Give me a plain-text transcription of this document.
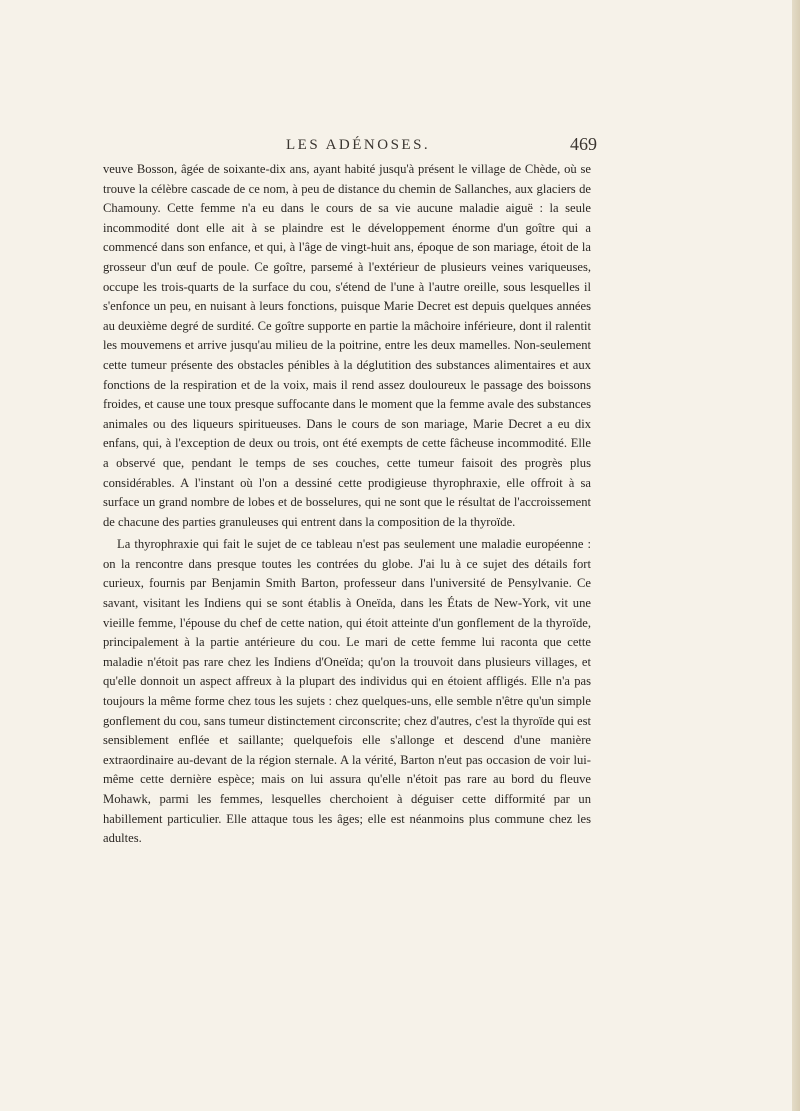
LES ADÉNOSES.	469

veuve Bosson, âgée de soixante-dix ans, ayant habité jusqu'à présent le village de Chède, où se trouve la célèbre cascade de ce nom, à peu de distance du chemin de Sallanches, aux glaciers de Chamouny. Cette femme n'a eu dans le cours de sa vie aucune maladie aiguë : la seule incommodité dont elle ait à se plaindre est le développement énorme d'un goître qui a commencé dans son enfance, et qui, à l'âge de vingt-huit ans, époque de son mariage, étoit de la grosseur d'un œuf de poule. Ce goître, parsemé à l'extérieur de plusieurs veines variqueuses, occupe les trois-quarts de la surface du cou, s'étend de l'une à l'autre oreille, sous lesquelles il s'enfonce un peu, en nuisant à leurs fonctions, puisque Marie Decret est depuis quelques années au deuxième degré de surdité. Ce goître supporte en partie la mâchoire inférieure, dont il ralentit les mouvemens et arrive jusqu'au milieu de la poitrine, entre les deux mamelles. Non-seulement cette tumeur présente des obstacles pénibles à la déglutition des substances alimentaires et aux fonctions de la respiration et de la voix, mais il rend assez douloureux le passage des boissons froides, et cause une toux presque suffocante dans le moment que la femme avale des substances animales ou des liqueurs spiritueuses. Dans le cours de son mariage, Marie Decret a eu dix enfans, qui, à l'exception de deux ou trois, ont été exempts de cette fâcheuse incommodité. Elle a observé que, pendant le temps de ses couches, cette tumeur faisoit des progrès plus considérables. A l'instant où l'on a dessiné cette prodigieuse thyrophraxie, elle offroit à sa surface un grand nombre de lobes et de bosselures, qui ne sont que le résultat de l'accroissement de chacune des parties granuleuses qui entrent dans la composition de la thyroïde.

La thyrophraxie qui fait le sujet de ce tableau n'est pas seulement une maladie européenne : on la rencontre dans presque toutes les contrées du globe. J'ai lu à ce sujet des détails fort curieux, fournis par Benjamin Smith Barton, professeur dans l'université de Pensylvanie. Ce savant, visitant les Indiens qui se sont établis à Oneïda, dans les États de New-York, vit une vieille femme, l'épouse du chef de cette nation, qui étoit atteinte d'un gonflement de la thyroïde, principalement à la partie antérieure du cou. Le mari de cette femme lui raconta que cette maladie n'étoit pas rare chez les Indiens d'Oneïda; qu'on la trouvoit dans plusieurs villages, et qu'elle donnoit un aspect affreux à la plupart des individus qui en étoient affligés. Elle n'a pas toujours la même forme chez tous les sujets : chez quelques-uns, elle semble n'être qu'un simple gonflement du cou, sans tumeur distinctement circonscrite; chez d'autres, c'est la thyroïde qui est sensiblement enflée et saillante; quelquefois elle s'allonge et descend d'une manière extraordinaire au-devant de la région sternale. A la vérité, Barton n'eut pas occasion de voir lui-même cette dernière espèce; mais on lui assura qu'elle n'étoit pas rare au bord du fleuve Mohawk, parmi les femmes, lesquelles cherchoient à déguiser cette difformité par un habillement particulier. Elle attaque tous les âges; elle est néanmoins plus commune chez les adultes.
